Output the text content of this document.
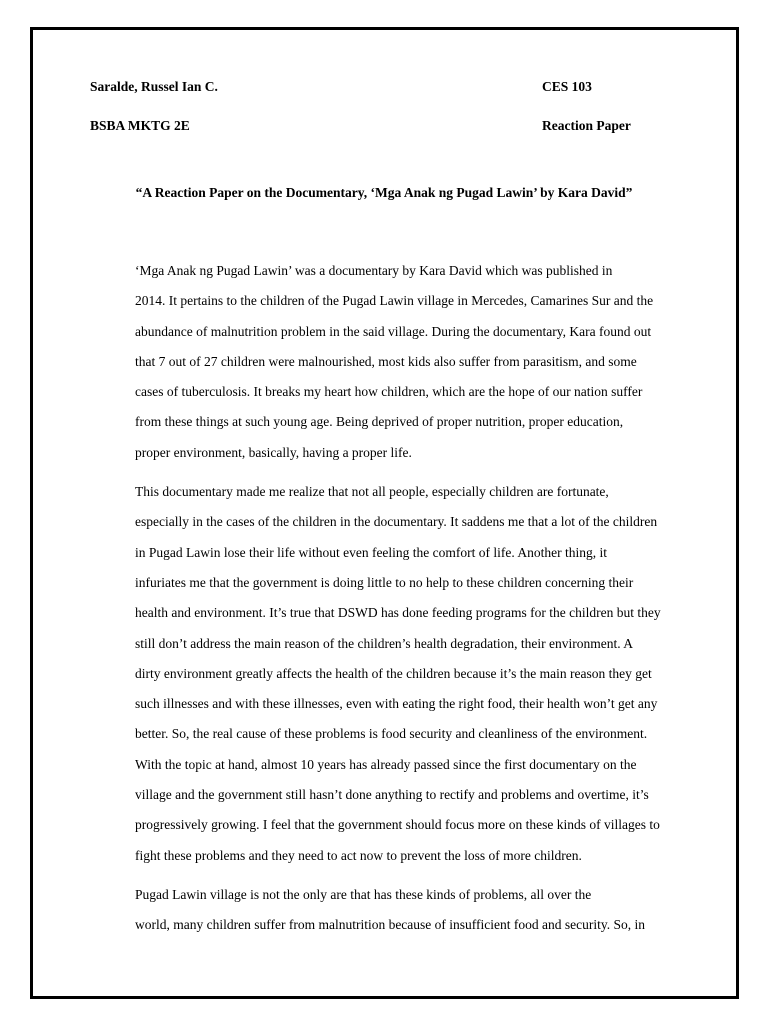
Saralde, Russel Ian C.	CES 103
BSBA MKTG 2E	Reaction Paper
“A Reaction Paper on the Documentary, ‘Mga Anak ng Pugad Lawin’ by Kara David”
‘Mga Anak ng Pugad Lawin’ was a documentary by Kara David which was published in
2014. It pertains to the children of the Pugad Lawin village in Mercedes, Camarines Sur and the
abundance of malnutrition problem in the said village. During the documentary, Kara found out
that 7 out of 27 children were malnourished, most kids also suffer from parasitism, and some
cases of tuberculosis. It breaks my heart how children, which are the hope of our nation suffer
from these things at such young age. Being deprived of proper nutrition, proper education,
proper environment, basically, having a proper life.
This documentary made me realize that not all people, especially children are fortunate,
especially in the cases of the children in the documentary. It saddens me that a lot of the children
in Pugad Lawin lose their life without even feeling the comfort of life. Another thing, it
infuriates me that the government is doing little to no help to these children concerning their
health and environment. It’s true that DSWD has done feeding programs for the children but they
still don’t address the main reason of the children’s health degradation, their environment. A
dirty environment greatly affects the health of the children because it’s the main reason they get
such illnesses and with these illnesses, even with eating the right food, their health won’t get any
better. So, the real cause of these problems is food security and cleanliness of the environment.
With the topic at hand, almost 10 years has already passed since the first documentary on the
village and the government still hasn’t done anything to rectify and problems and overtime, it’s
progressively growing. I feel that the government should focus more on these kinds of villages to
fight these problems and they need to act now to prevent the loss of more children.
Pugad Lawin village is not the only are that has these kinds of problems, all over the
world, many children suffer from malnutrition because of insufficient food and security. So, in
